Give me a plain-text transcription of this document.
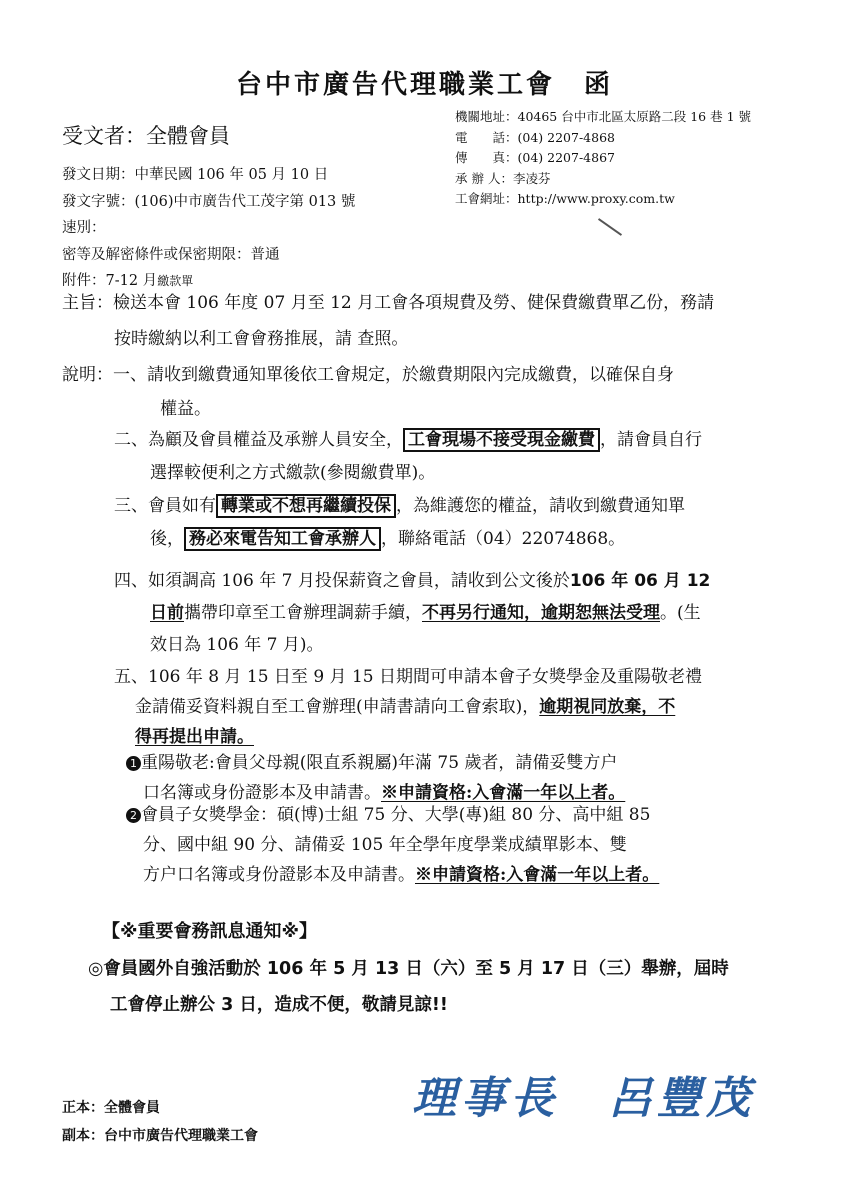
台中市廣告代理職業工會　函
受文者：全體會員
機關地址：40465 台中市北區太原路二段 16 巷 1 號
電　　話：(04) 2207-4868
傳　　真：(04) 2207-4867
承 辦 人：李凌芬
工會網址：http://www.proxy.com.tw
發文日期：中華民國 106 年 05 月 10 日
發文字號：(106)中市廣告代工茂字第 013 號
速別：
密等及解密條件或保密期限：普通
附件：7-12 月繳款單
主旨：檢送本會 106 年度 07 月至 12 月工會各項規費及勞、健保費繳費單乙份，務請
按時繳納以利工會會務推展，請 查照。
說明：一、請收到繳費通知單後依工會規定，於繳費期限內完成繳費，以確保自身
權益。
二、為顧及會員權益及承辦人員安全， 工會現場不接受現金繳費 ，請會員自行
選擇較便利之方式繳款(參閱繳費單)。
三、會員如有 轉業或不想再繼續投保 ，為維護您的權益，請收到繳費通知單
後， 務必來電告知工會承辦人 ，聯絡電話（04）22074868。
四、如須調高 106 年 7 月投保薪資之會員，請收到公文後於106 年 06 月 12
日前攜帶印章至工會辦理調薪手續，不再另行通知，逾期恕無法受理。(生
效日為 106 年 7 月)。
五、106 年 8 月 15 日至 9 月 15 日期間可申請本會子女獎學金及重陽敬老禮
金請備妥資料親自至工會辦理(申請書請向工會索取)，逾期視同放棄，不
得再提出申請。
1 重陽敬老:會員父母親(限直系親屬)年滿 75 歲者，請備妥雙方户
口名簿或身份證影本及申請書。※申請資格:入會滿一年以上者。
2 會員子女獎學金：碩(博)士組 75 分、大學(專)組 80 分、高中組 85
分、國中組 90 分、請備妥 105 年全學年度學業成績單影本、雙
方户口名簿或身份證影本及申請書。※申請資格:入會滿一年以上者。
【※重要會務訊息通知※】
◎會員國外自強活動於 106 年 5 月 13 日（六）至 5 月 17 日（三）舉辦，屆時
工會停止辦公 3 日，造成不便，敬請見諒!!
理事長　呂豐茂
正本：全體會員
副本：台中市廣告代理職業工會
